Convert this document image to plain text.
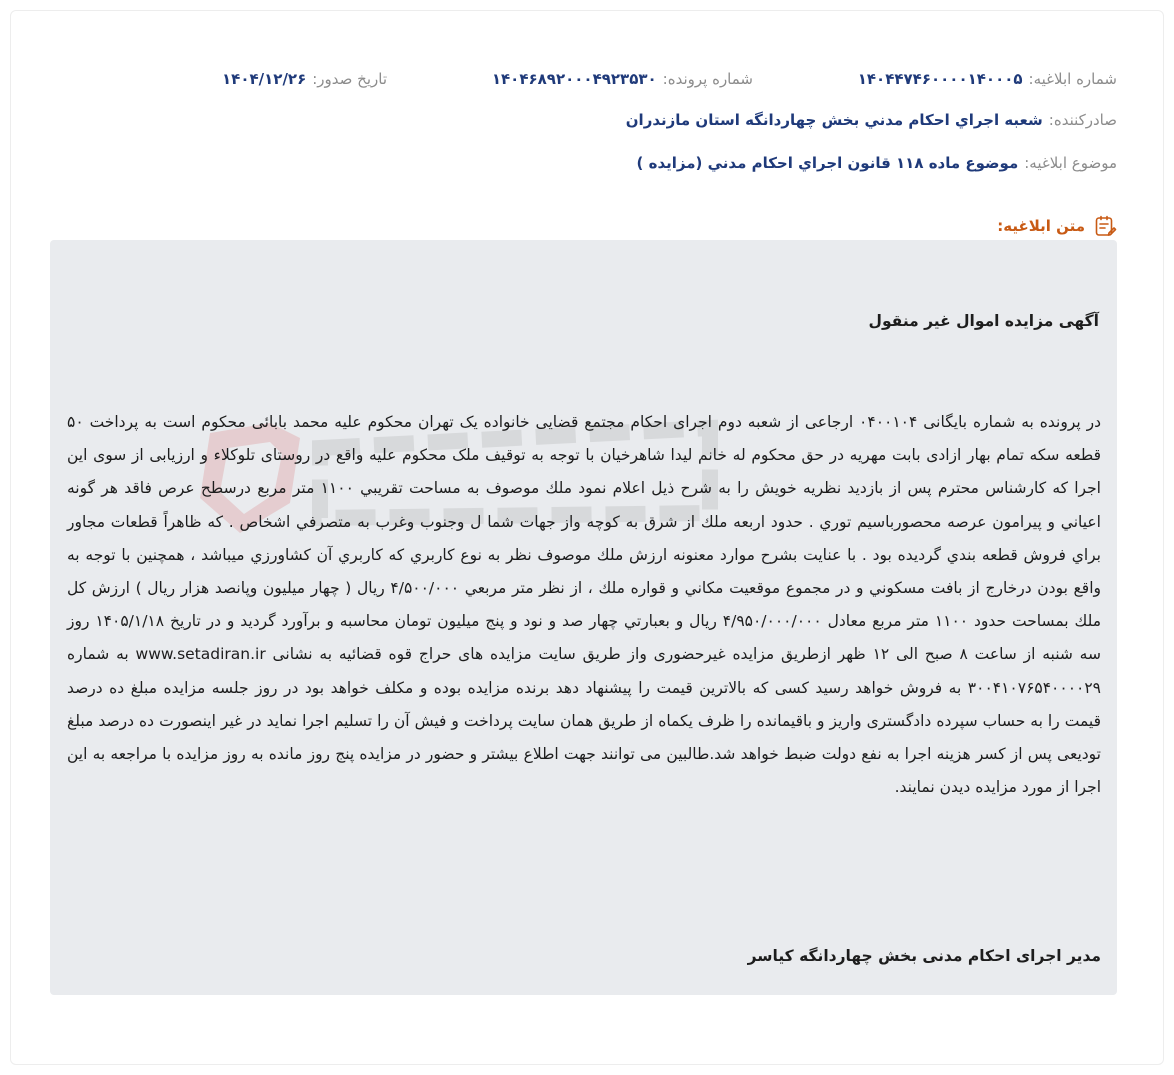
شماره ابلاغیه:
۱۴۰۴۴۷۴۶۰۰۰۰۱۴۰۰۰۵
شماره پرونده:
۱۴۰۴۶۸۹۲۰۰۰۴۹۲۳۵۳۰
تاریخ صدور:
۱۴۰۴/۱۲/۲۶
صادرکننده:
شعبه اجراي احكام مدني بخش چهاردانگه استان مازندران
موضوع ابلاغیه:
موضوع ماده ۱۱۸ قانون اجراي احكام مدني (مزايده )
متن ابلاغیه:
آگهی مزایده اموال غیر منقول
در پرونده به شماره بایگانی ۰۴۰۰۱۰۴ ارجاعی از شعبه دوم اجرای احکام مجتمع قضایی خانواده یک تهران محکوم علیه محمد بابائی محکوم است به پرداخت ۵۰ قطعه سکه تمام بهار ازادی بابت مهریه در حق محکوم له خانم لیدا شاهرخیان با توجه به توقیف ملک محکوم علیه واقع در روستای تلوکلاء و ارزیابی از سوی این اجرا که کارشناس محترم پس از بازدید نظریه خویش را به شرح ذیل اعلام نمود ملك موصوف به مساحت تقريبي ۱۱۰۰ متر مربع درسطح عرص فاقد هر گونه اعياني و پيرامون عرصه محصورباسيم توري . حدود اربعه ملك از شرق به كوچه واز جهات شما ل وجنوب وغرب به متصرفي اشخاص . كه ظاهراً قطعات مجاور براي فروش قطعه بندي گرديده بود . با عنايت بشرح موارد معنونه ارزش ملك موصوف نظر به نوع كاربري كه كاربري آن كشاورزي ميباشد ، همچنين با توجه به واقع بودن درخارج از بافت مسكوني و در مجموع موقعيت مكاني و قواره ملك ، از نظر متر مربعي ۴/۵۰۰/۰۰۰ ریال ( چهار میلیون وپانصد هزار ریال ) ارزش كل ملك بمساحت حدود ۱۱۰۰ متر مربع معادل ۴/۹۵۰/۰۰۰/۰۰۰ ريال و بعبارتي چهار صد و نود و پنج ميليون تومان محاسبه و برآورد گردید و در تاریخ ۱۴۰۵/۱/۱۸ روز سه شنبه از ساعت ۸ صبح الی ۱۲ ظهر ازطریق مزایده غیرحضوری واز طریق سایت مزایده های حراج قوه قضائیه به نشانی www.setadiran.ir به شماره ۳۰۰۴۱۰۷۶۵۴۰۰۰۰۲۹ به فروش خواهد رسید کسی که بالاترین قیمت را پیشنهاد دهد برنده مزایده بوده و مکلف خواهد بود در روز جلسه مزایده مبلغ ده درصد قیمت را به حساب سپرده دادگستری واریز و باقیمانده را ظرف یکماه از طریق همان سایت پرداخت و فیش آن را تسلیم اجرا نماید در غیر اینصورت ده درصد مبلغ تودیعی پس از کسر هزینه اجرا به نفع دولت ضبط خواهد شد.طالبین می توانند جهت اطلاع بیشتر و حضور در مزایده پنج روز مانده به روز مزایده با مراجعه به این اجرا از مورد مزایده دیدن نمایند.
مدیر اجرای احکام مدنی بخش چهاردانگه کیاسر
